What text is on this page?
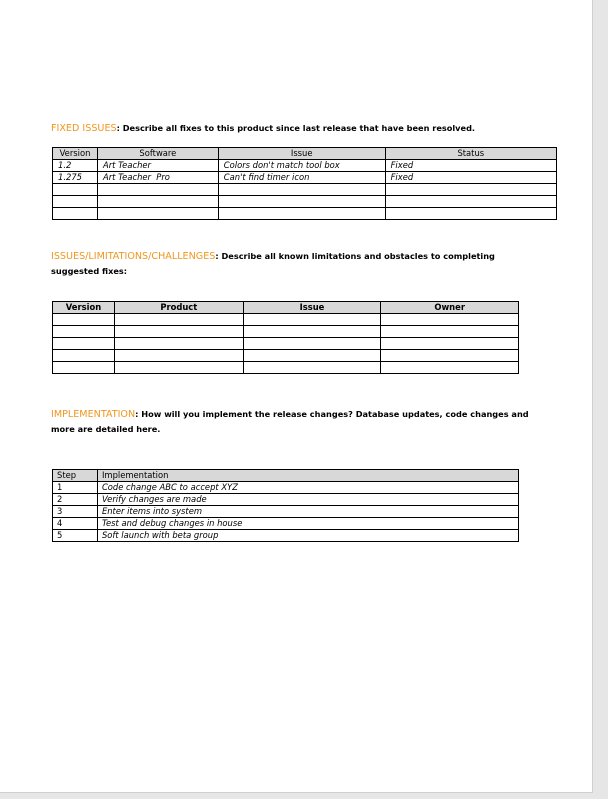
FIXED ISSUES: Describe all fixes to this product since last release that have been resolved.
Version	Software	Issue	Status
1.2	Art Teacher	Colors don't match tool box	Fixed
1.275	Art Teacher  Pro	Can't find timer icon	Fixed

ISSUES/LIMITATIONS/CHALLENGES: Describe all known limitations and obstacles to completing suggested fixes:
Version	Product	Issue	Owner

IMPLEMENTATION: How will you implement the release changes? Database updates, code changes and more are detailed here.
Step	Implementation
1	Code change ABC to accept XYZ
2	Verify changes are made
3	Enter items into system
4	Test and debug changes in house
5	Soft launch with beta group
